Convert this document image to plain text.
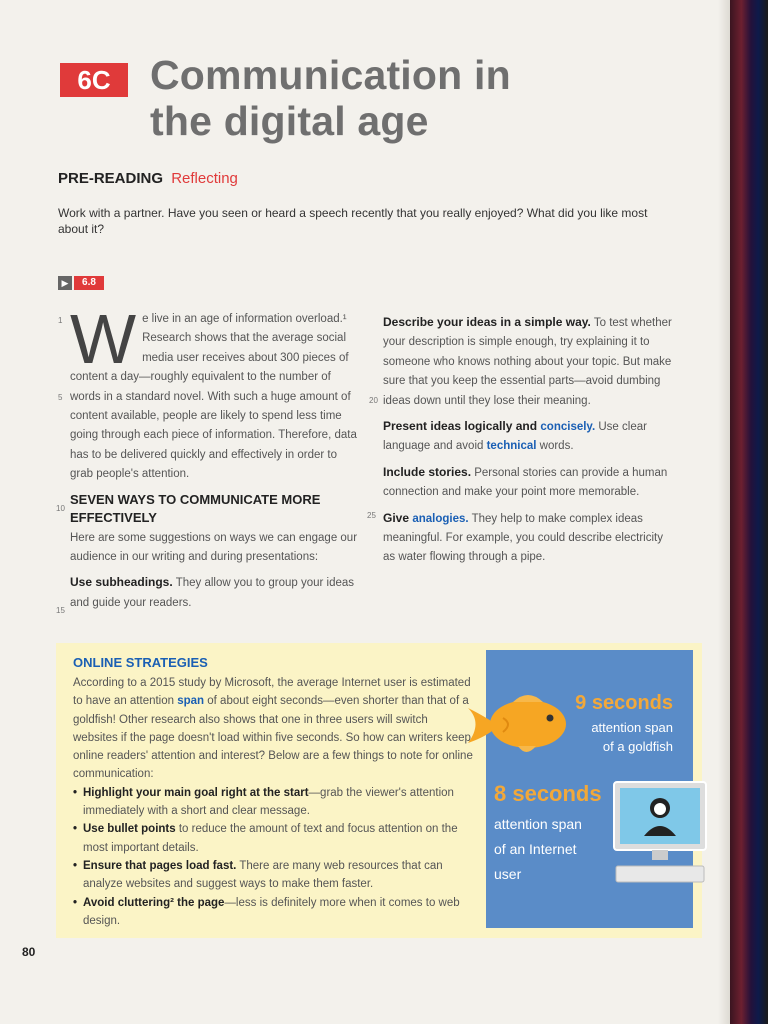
6C Communication in
the digital age
PRE-READING Reflecting
Work with a partner. Have you seen or heard a speech recently that you really enjoyed? What did you like most about it?
▶	6.8
1
5
10
15
20
25
W e live in an age of information overload.¹ Research shows that the average social media user receives about 300 pieces of content a day—roughly equivalent to the number of words in a standard novel. With such a huge amount of content available, people are likely to spend less time going through each piece of information. Therefore, data has to be delivered quickly and effectively in order to grab people's attention.
SEVEN WAYS TO COMMUNICATE MORE EFFECTIVELY
Here are some suggestions on ways we can engage our audience in our writing and during presentations:
Use subheadings. They allow you to group your ideas and guide your readers.
Describe your ideas in a simple way. To test whether your description is simple enough, try explaining it to someone who knows nothing about your topic. But make sure that you keep the essential parts—avoid dumbing ideas down until they lose their meaning.
Present ideas logically and concisely. Use clear language and avoid technical words.
Include stories. Personal stories can provide a human connection and make your point more memorable.
Give analogies. They help to make complex ideas meaningful. For example, you could describe electricity as water flowing through a pipe.
ONLINE STRATEGIES
According to a 2015 study by Microsoft, the average Internet user is estimated to have an attention span of about eight seconds—even shorter than that of a goldfish! Other research also shows that one in three users will switch websites if the page doesn't load within five seconds. So how can writers keep online readers' attention and interest? Below are a few things to note for online communication:
• Highlight your main goal right at the start—grab the viewer's attention immediately with a short and clear message.
• Use bullet points to reduce the amount of text and focus attention on the most important details.
• Ensure that pages load fast. There are many web resources that can analyze websites and suggest ways to make them faster.
• Avoid cluttering² the page—less is definitely more when it comes to web design.
9 seconds
attention span
of a goldfish
8 seconds
attention span
of an Internet
user
80
